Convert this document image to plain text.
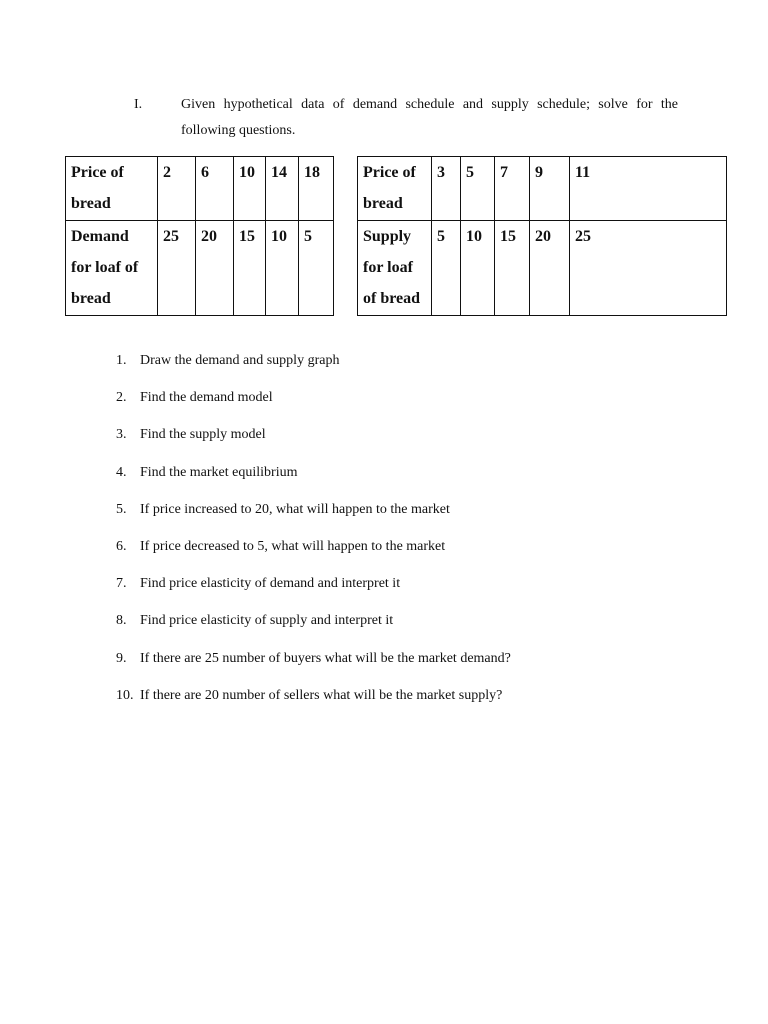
I.	Given hypothetical data of demand schedule and supply schedule; solve for the following questions.
Price of bread	2	6	10	14	18
Demand for loaf of bread	25	20	15	10	5
Price of bread	3	5	7	9	11
Supply for loaf of bread	5	10	15	20	25
1. Draw the demand and supply graph
2. Find the demand model
3. Find the supply model
4. Find the market equilibrium
5. If price increased to 20, what will happen to the market
6. If price decreased to 5, what will happen to the market
7. Find price elasticity of demand and interpret it
8. Find price elasticity of supply and interpret it
9. If there are 25 number of buyers what will be the market demand?
10. If there are 20 number of sellers what will be the market supply?
